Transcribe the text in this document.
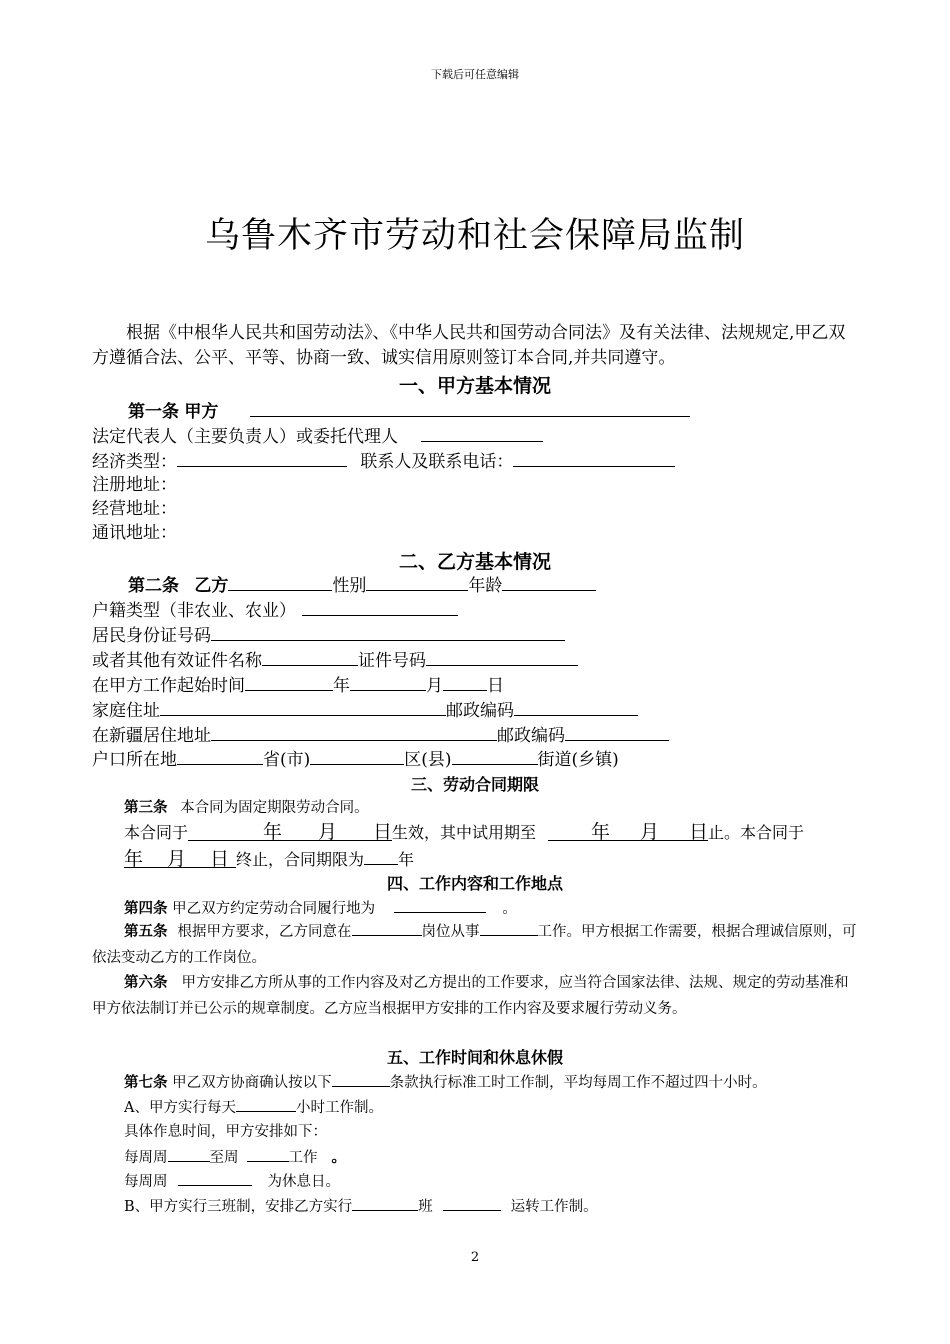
下载后可任意编辑
乌鲁木齐市劳动和社会保障局监制
根据《中根华人民共和国劳动法》、《中华人民共和国劳动合同法》及有关法律、法规规定,甲乙双方遵循合法、公平、平等、协商一致、诚实信用原则签订本合同,并共同遵守。
一、甲方基本情况
第一条 甲方
法定代表人（主要负责人）或委托代理人
经济类型：	联系人及联系电话：
注册地址：
经营地址：
通讯地址：
二、乙方基本情况
第二条 乙方	性别	年龄
户籍类型（非农业、农业）
居民身份证号码
或者其他有效证件名称	证件号码
在甲方工作起始时间	年	月	日
家庭住址	邮政编码
在新疆居住地址	邮政编码
户口所在地	省(市)	区(县)	街道(乡镇)
三、劳动合同期限
第三条 本合同为固定期限劳动合同。
本合同于	年 月 日生效，其中试用期至	年 月 日止。本合同于
年 月 日 终止，合同期限为 年
四、工作内容和工作地点
第四条 甲乙双方约定劳动合同履行地为	。
第五条 根据甲方要求，乙方同意在	岗位从事	工作。甲方根据工作需要，根据合理诚信原则，可依法变动乙方的工作岗位。
第六条 甲方安排乙方所从事的工作内容及对乙方提出的工作要求，应当符合国家法律、法规、规定的劳动基准和甲方依法制订并已公示的规章制度。乙方应当根据甲方安排的工作内容及要求履行劳动义务。
五、工作时间和休息休假
第七条 甲乙双方协商确认按以下	条款执行标准工时工作制，平均每周工作不超过四十小时。
A、甲方实行每天	小时工作制。
具体作息时间，甲方安排如下：
每周周	至周	工作 。
每周周	为休息日。
B、甲方实行三班制，安排乙方实行	班	运转工作制。
2
